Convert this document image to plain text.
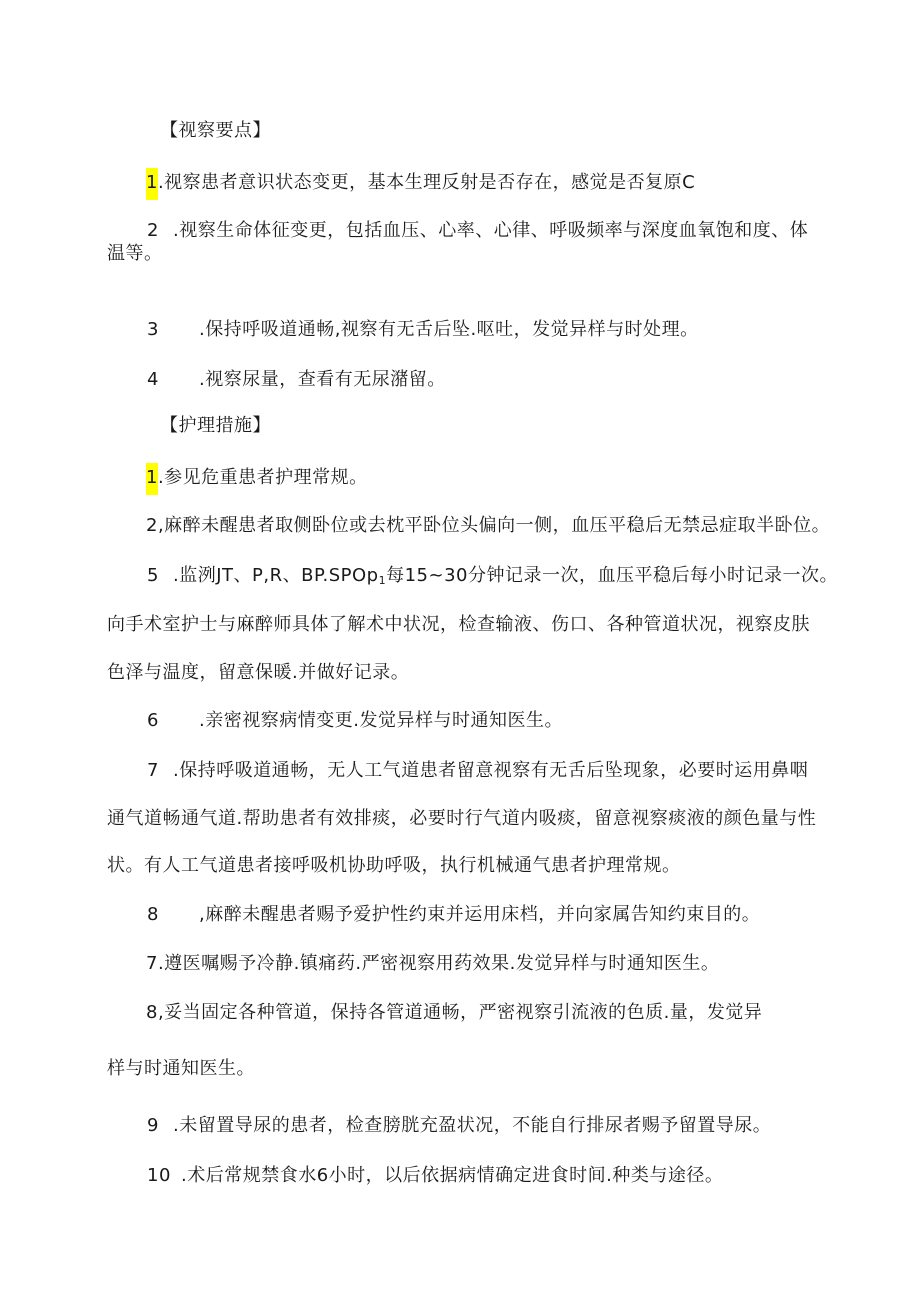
【视察要点】
1.视察患者意识状态变更，基本生理反射是否存在，感觉是否复原C
2 .视察生命体征变更，包括血压、心率、心律、呼吸频率与深度血氧饱和度、体
温等。
3 .保持呼吸道通畅,视察有无舌后坠.呕吐，发觉异样与时处理。
4 .视察尿量，查看有无尿潴留。
【护理措施】
1.参见危重患者护理常规。
2,麻醉未醒患者取侧卧位或去枕平卧位头偏向一侧，血压平稳后无禁忌症取半卧位。
5 .监洌JT、P,R、BP.SPOp$_1$每15~30分钟记录一次，血压平稳后每小时记录一次。
向手术室护士与麻醉师具体了解术中状况，检查输液、伤口、各种管道状况，视察皮肤
色泽与温度，留意保暖.并做好记录。
6 .亲密视察病情变更.发觉异样与时通知医生。
7 .保持呼吸道通畅，无人工气道患者留意视察有无舌后坠现象，必要时运用鼻咽
通气道畅通气道.帮助患者有效排痰，必要时行气道内吸痰，留意视察痰液的颜色量与性
状。有人工气道患者接呼吸机协助呼吸，执行机械通气患者护理常规。
8 ,麻醉未醒患者赐予爱护性约束并运用床档，并向家属告知约束目的。
7.遵医嘱赐予冷静.镇痛药.严密视察用药效果.发觉异样与时通知医生。
8,妥当固定各种管道，保持各管道通畅，严密视察引流液的色质.量，发觉异
样与时通知医生。
9 .未留置导尿的患者，检查膀胱充盈状况，不能自行排尿者赐予留置导尿。
10 .术后常规禁食水6小时，以后依据病情确定进食时间.种类与途径。
